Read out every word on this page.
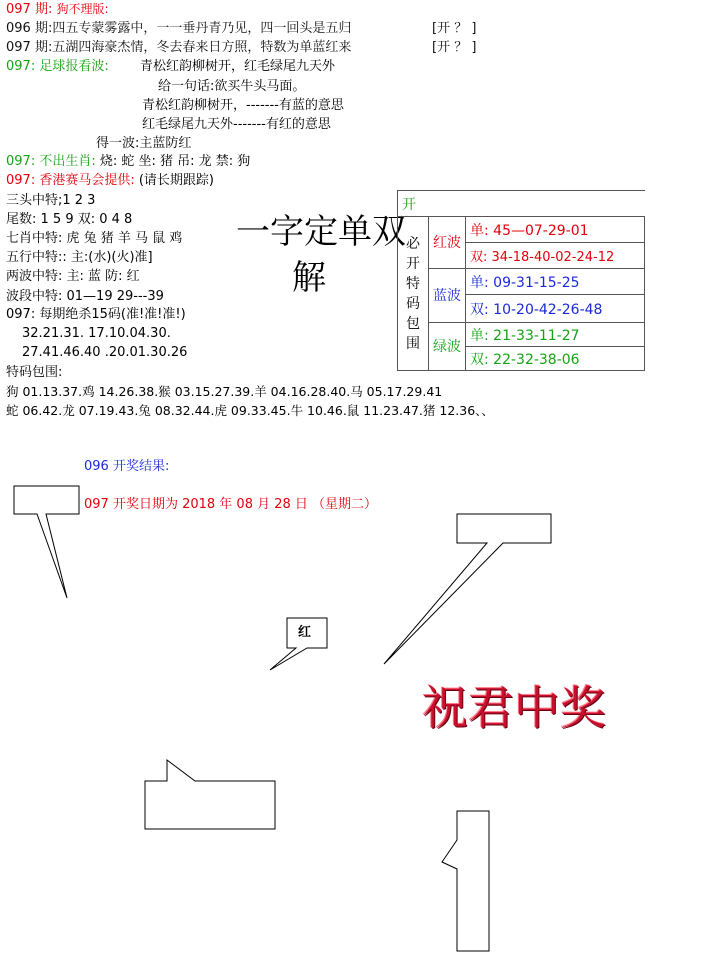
097 期: 狗不理版:
096 期:四五专蒙雾露中，一一垂丹青乃见，四一回头是五归	[开 ？ ]
097 期:五湖四海豪杰情，冬去春来日方照，特数为单蓝红来	[开 ？ ]
097: 足球报看波: 青松红韵柳树开，红毛绿尾九天外
给一句话:欲买牛头马面。
青松红韵柳树开，-------有蓝的意思
红毛绿尾九天外-------有红的意思
得一波:主蓝防红
097: 不出生肖: 烧: 蛇 坐: 猪 吊: 龙 禁: 狗
097: 香港赛马会提供: (请长期跟踪)
三头中特;1 2 3
尾数: 1 5 9 双: 0 4 8
七肖中特: 虎 兔 猪 羊 马 鼠 鸡
五行中特:: 主:(水)(火)准]
两波中特: 主: 蓝 防: 红
波段中特: 01—19 29---39
097: 每期绝杀15码(准!准!准!)
32.21.31. 17.10.04.30.
27.41.46.40 .20.01.30.26
一字定单双
解
开		
必开特码包围	红波	单: 45—07-29-01
		双: 34-18-40-02-24-12
	蓝波	单: 09-31-15-25
		双: 10-20-42-26-48
	绿波	单: 21-33-11-27
		双: 22-32-38-06
特码包围:
狗 01.13.37.鸡 14.26.38.猴 03.15.27.39.羊 04.16.28.40.马 05.17.29.41
蛇 06.42.龙 07.19.43.兔 08.32.44.虎 09.33.45.牛 10.46.鼠 11.23.47.猪 12.36、、
096 开奖结果:
097 开奖日期为 2018 年 08 月 28 日 （星期二）
红
祝君中奖
